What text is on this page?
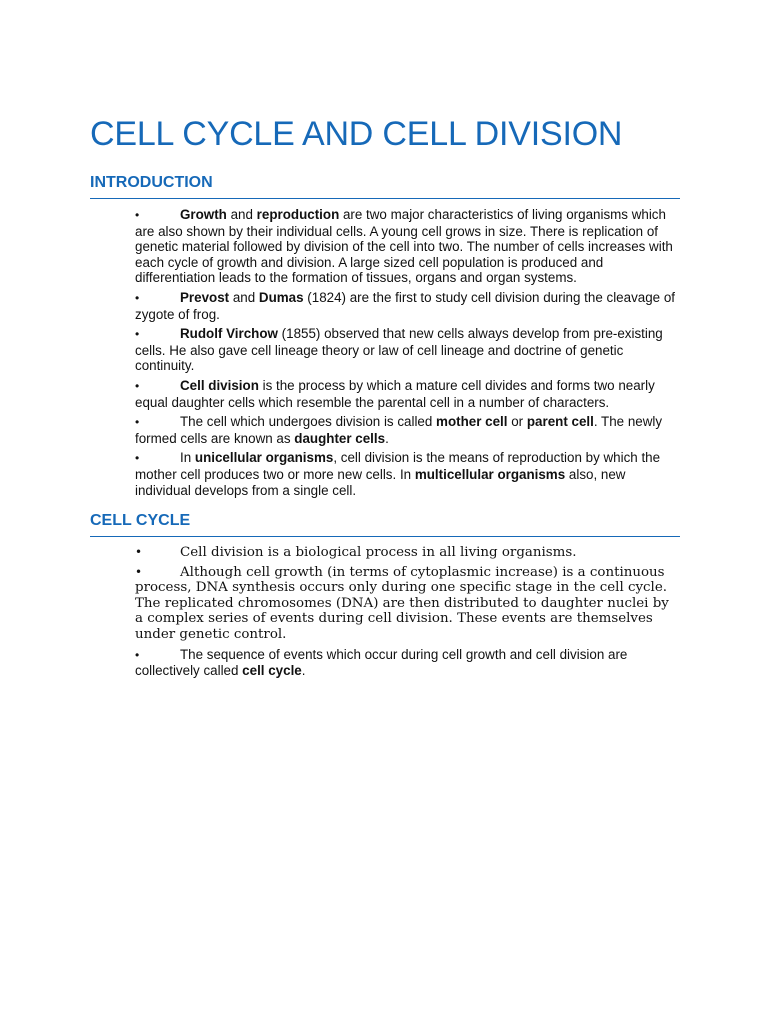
CELL CYCLE AND CELL DIVISION
INTRODUCTION
•	Growth and reproduction are two major characteristics of living organisms which are also shown by their individual cells. A young cell grows in size. There is replication of genetic material followed by division of the cell into two. The number of cells increases with each cycle of growth and division. A large sized cell population is produced and differentiation leads to the formation of tissues, organs and organ systems.
•	Prevost and Dumas (1824) are the first to study cell division during the cleavage of zygote of frog.
•	Rudolf Virchow (1855) observed that new cells always develop from pre-existing cells. He also gave cell lineage theory or law of cell lineage and doctrine of genetic continuity.
•	Cell division is the process by which a mature cell divides and forms two nearly equal daughter cells which resemble the parental cell in a number of characters.
•	The cell which undergoes division is called mother cell or parent cell. The newly formed cells are known as daughter cells.
•	In unicellular organisms, cell division is the means of reproduction by which the mother cell produces two or more new cells. In multicellular organisms also, new individual develops from a single cell.
CELL CYCLE
•	Cell division is a biological process in all living organisms.
•	Although cell growth (in terms of cytoplasmic increase) is a continuous process, DNA synthesis occurs only during one specific stage in the cell cycle. The replicated chromosomes (DNA) are then distributed to daughter nuclei by a complex series of events during cell division. These events are themselves under genetic control.
•	The sequence of events which occur during cell growth and cell division are collectively called cell cycle.
